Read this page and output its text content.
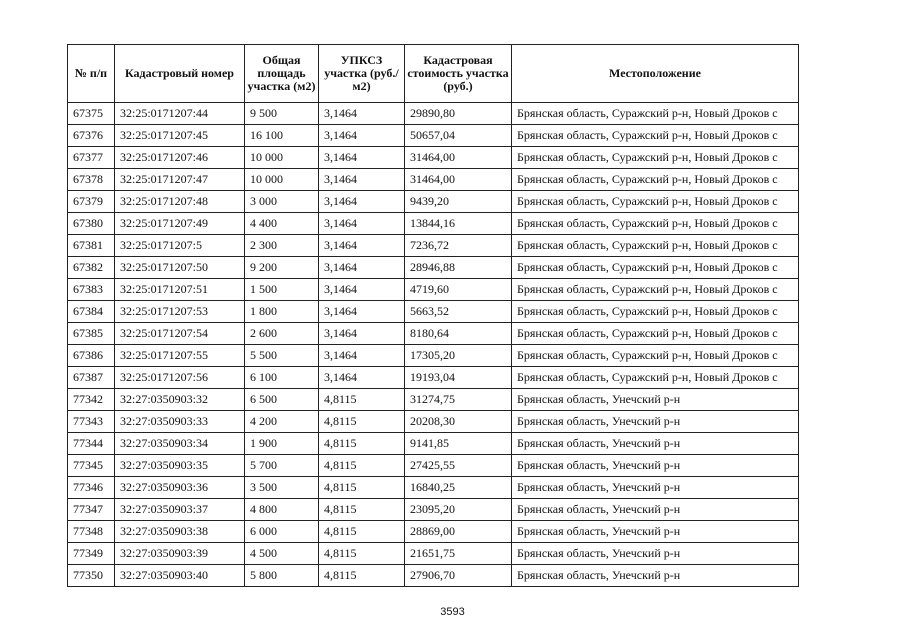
№ п/п	Кадастровый номер	Общая площадь участка (м2)	УПКСЗ участка (руб./м2)	Кадастровая стоимость участка (руб.)	Местоположение
67375	32:25:0171207:44	9 500	3,1464	29890,80	Брянская область, Суражский р-н, Новый Дроков с
67376	32:25:0171207:45	16 100	3,1464	50657,04	Брянская область, Суражский р-н, Новый Дроков с
67377	32:25:0171207:46	10 000	3,1464	31464,00	Брянская область, Суражский р-н, Новый Дроков с
67378	32:25:0171207:47	10 000	3,1464	31464,00	Брянская область, Суражский р-н, Новый Дроков с
67379	32:25:0171207:48	3 000	3,1464	9439,20	Брянская область, Суражский р-н, Новый Дроков с
67380	32:25:0171207:49	4 400	3,1464	13844,16	Брянская область, Суражский р-н, Новый Дроков с
67381	32:25:0171207:5	2 300	3,1464	7236,72	Брянская область, Суражский р-н, Новый Дроков с
67382	32:25:0171207:50	9 200	3,1464	28946,88	Брянская область, Суражский р-н, Новый Дроков с
67383	32:25:0171207:51	1 500	3,1464	4719,60	Брянская область, Суражский р-н, Новый Дроков с
67384	32:25:0171207:53	1 800	3,1464	5663,52	Брянская область, Суражский р-н, Новый Дроков с
67385	32:25:0171207:54	2 600	3,1464	8180,64	Брянская область, Суражский р-н, Новый Дроков с
67386	32:25:0171207:55	5 500	3,1464	17305,20	Брянская область, Суражский р-н, Новый Дроков с
67387	32:25:0171207:56	6 100	3,1464	19193,04	Брянская область, Суражский р-н, Новый Дроков с
77342	32:27:0350903:32	6 500	4,8115	31274,75	Брянская область, Унечский р-н
77343	32:27:0350903:33	4 200	4,8115	20208,30	Брянская область, Унечский р-н
77344	32:27:0350903:34	1 900	4,8115	9141,85	Брянская область, Унечский р-н
77345	32:27:0350903:35	5 700	4,8115	27425,55	Брянская область, Унечский р-н
77346	32:27:0350903:36	3 500	4,8115	16840,25	Брянская область, Унечский р-н
77347	32:27:0350903:37	4 800	4,8115	23095,20	Брянская область, Унечский р-н
77348	32:27:0350903:38	6 000	4,8115	28869,00	Брянская область, Унечский р-н
77349	32:27:0350903:39	4 500	4,8115	21651,75	Брянская область, Унечский р-н
77350	32:27:0350903:40	5 800	4,8115	27906,70	Брянская область, Унечский р-н
3593
